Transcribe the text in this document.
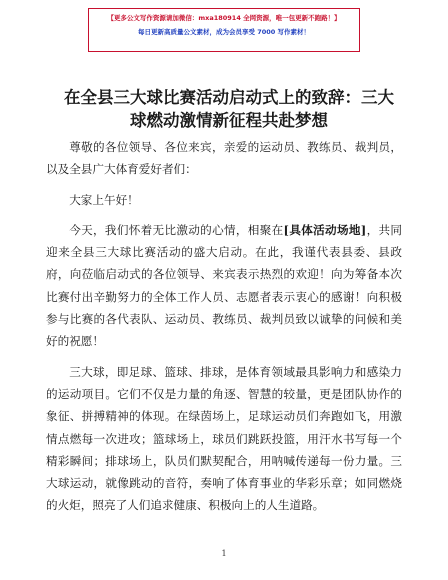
【更多公文写作资源请加微信：mxa180914 全网资源，唯一包更新不跑路！】
每日更新高质量公文素材，成为会员享受 7000 写作素材！
在全县三大球比赛活动启动式上的致辞：三大球燃动激情新征程共赴梦想

尊敬的各位领导、各位来宾，亲爱的运动员、教练员、裁判员，以及全县广大体育爱好者们：

大家上午好！

今天，我们怀着无比激动的心情，相聚在[具体活动场地]，共同迎来全县三大球比赛活动的盛大启动。在此，我谨代表县委、县政府，向莅临启动式的各位领导、来宾表示热烈的欢迎！向为筹备本次比赛付出辛勤努力的全体工作人员、志愿者表示衷心的感谢！向积极参与比赛的各代表队、运动员、教练员、裁判员致以诚挚的问候和美好的祝愿！

三大球，即足球、篮球、排球，是体育领域最具影响力和感染力的运动项目。它们不仅是力量的角逐、智慧的较量，更是团队协作的象征、拼搏精神的体现。在绿茵场上，足球运动员们奔跑如飞，用激情点燃每一次进攻；篮球场上，球员们跳跃投篮，用汗水书写每一个精彩瞬间；排球场上，队员们默契配合，用呐喊传递每一份力量。三大球运动，就像跳动的音符，奏响了体育事业的华彩乐章；如同燃烧的火炬，照亮了人们追求健康、积极向上的人生道路。

1
